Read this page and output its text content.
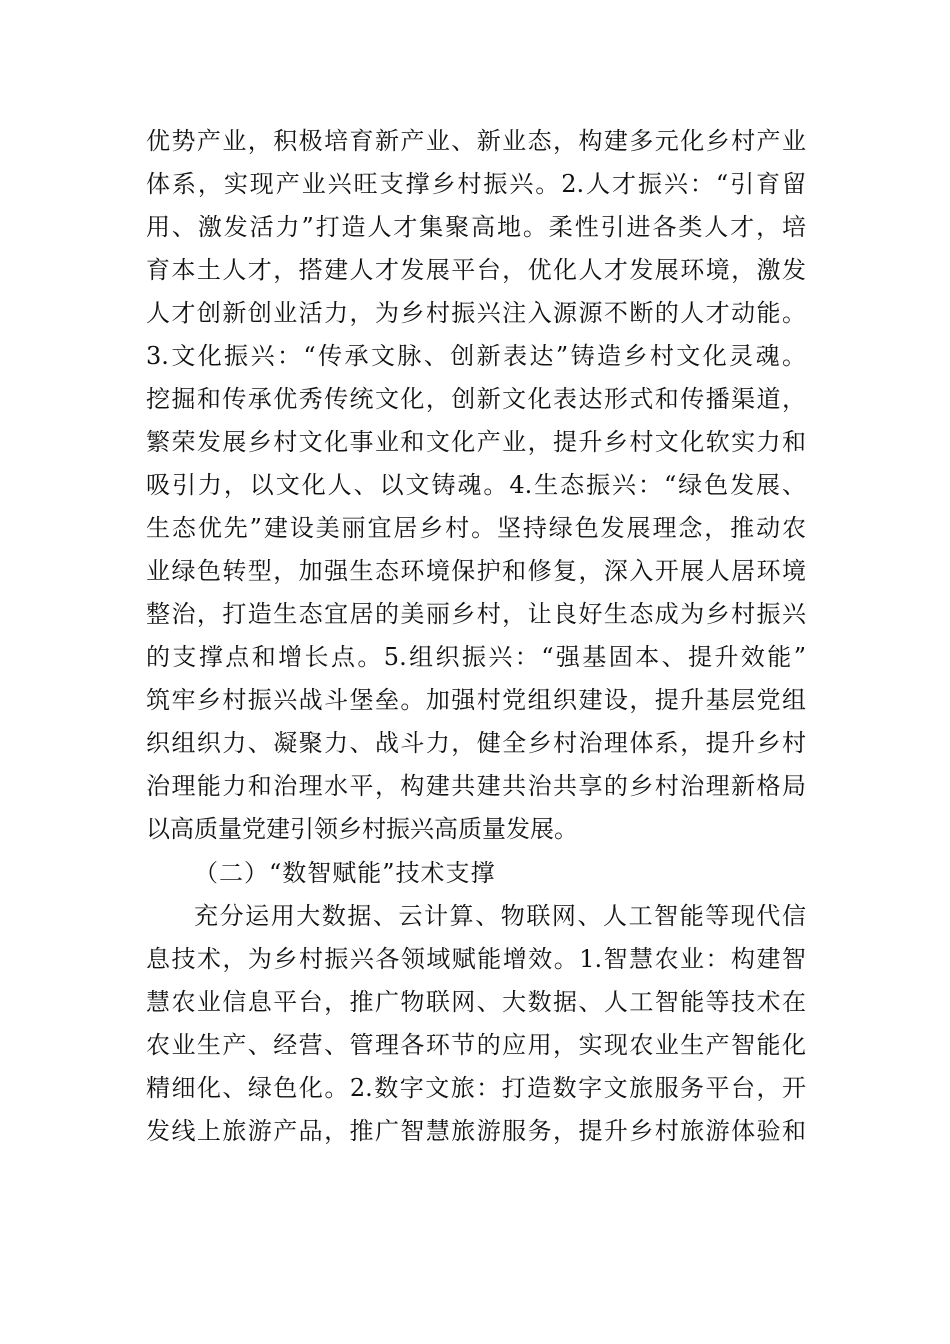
优势产业，积极培育新产业、新业态，构建多元化乡村产业
体系，实现产业兴旺支撑乡村振兴。2.人才振兴：“引育留
用、激发活力”打造人才集聚高地。柔性引进各类人才，培
育本土人才，搭建人才发展平台，优化人才发展环境，激发
人才创新创业活力，为乡村振兴注入源源不断的人才动能。
3.文化振兴：“传承文脉、创新表达”铸造乡村文化灵魂。
挖掘和传承优秀传统文化，创新文化表达形式和传播渠道，
繁荣发展乡村文化事业和文化产业，提升乡村文化软实力和
吸引力，以文化人、以文铸魂。4.生态振兴：“绿色发展、
生态优先”建设美丽宜居乡村。坚持绿色发展理念，推动农
业绿色转型，加强生态环境保护和修复，深入开展人居环境
整治，打造生态宜居的美丽乡村，让良好生态成为乡村振兴
的支撑点和增长点。5.组织振兴：“强基固本、提升效能”
筑牢乡村振兴战斗堡垒。加强村党组织建设，提升基层党组
织组织力、凝聚力、战斗力，健全乡村治理体系，提升乡村
治理能力和治理水平，构建共建共治共享的乡村治理新格局
以高质量党建引领乡村振兴高质量发展。
（二）“数智赋能”技术支撑
充分运用大数据、云计算、物联网、人工智能等现代信
息技术，为乡村振兴各领域赋能增效。1.智慧农业：构建智
慧农业信息平台，推广物联网、大数据、人工智能等技术在
农业生产、经营、管理各环节的应用，实现农业生产智能化
精细化、绿色化。2.数字文旅：打造数字文旅服务平台，开
发线上旅游产品，推广智慧旅游服务，提升乡村旅游体验和
